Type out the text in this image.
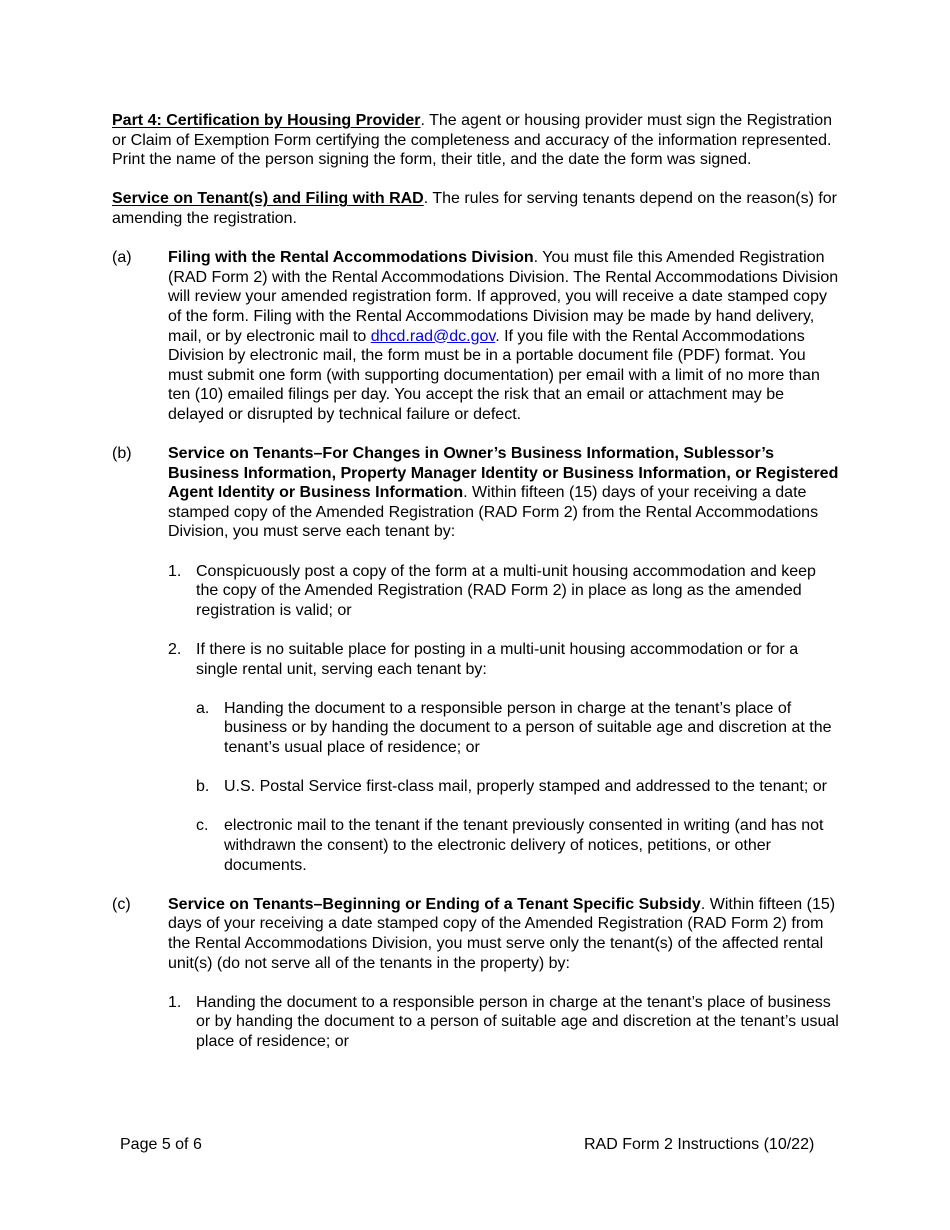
Part 4: Certification by Housing Provider. The agent or housing provider must sign the Registration or Claim of Exemption Form certifying the completeness and accuracy of the information represented. Print the name of the person signing the form, their title, and the date the form was signed.

Service on Tenant(s) and Filing with RAD. The rules for serving tenants depend on the reason(s) for amending the registration.

(a)	Filing with the Rental Accommodations Division. You must file this Amended Registration (RAD Form 2) with the Rental Accommodations Division. The Rental Accommodations Division will review your amended registration form. If approved, you will receive a date stamped copy of the form. Filing with the Rental Accommodations Division may be made by hand delivery, mail, or by electronic mail to dhcd.rad@dc.gov. If you file with the Rental Accommodations Division by electronic mail, the form must be in a portable document file (PDF) format. You must submit one form (with supporting documentation) per email with a limit of no more than ten (10) emailed filings per day. You accept the risk that an email or attachment may be delayed or disrupted by technical failure or defect.
(b)	Service on Tenants–For Changes in Owner’s Business Information, Sublessor’s Business Information, Property Manager Identity or Business Information, or Registered Agent Identity or Business Information. Within fifteen (15) days of your receiving a date stamped copy of the Amended Registration (RAD Form 2) from the Rental Accommodations Division, you must serve each tenant by:
1. Conspicuously post a copy of the form at a multi-unit housing accommodation and keep the copy of the Amended Registration (RAD Form 2) in place as long as the amended registration is valid; or
2. If there is no suitable place for posting in a multi-unit housing accommodation or for a single rental unit, serving each tenant by:
a. Handing the document to a responsible person in charge at the tenant’s place of business or by handing the document to a person of suitable age and discretion at the tenant’s usual place of residence; or
b. U.S. Postal Service first-class mail, properly stamped and addressed to the tenant; or
c. electronic mail to the tenant if the tenant previously consented in writing (and has not withdrawn the consent) to the electronic delivery of notices, petitions, or other documents.
(c)	Service on Tenants–Beginning or Ending of a Tenant Specific Subsidy. Within fifteen (15) days of your receiving a date stamped copy of the Amended Registration (RAD Form 2) from the Rental Accommodations Division, you must serve only the tenant(s) of the affected rental unit(s) (do not serve all of the tenants in the property) by:
1. Handing the document to a responsible person in charge at the tenant’s place of business or by handing the document to a person of suitable age and discretion at the tenant’s usual place of residence; or
Page 5 of 6	RAD Form 2 Instructions (10/22)
